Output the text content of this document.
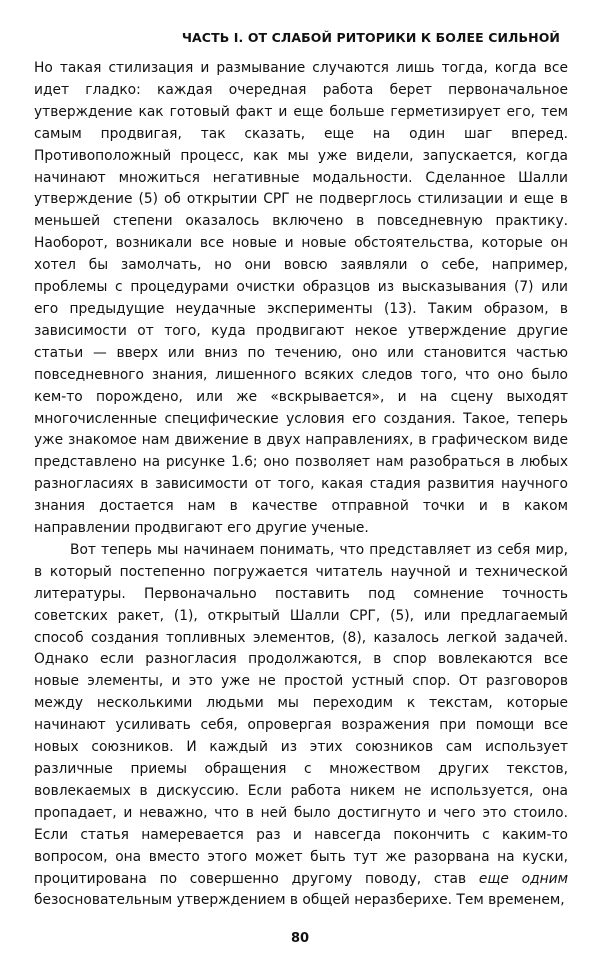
ЧАСТЬ I. ОТ СЛАБОЙ РИТОРИКИ К БОЛЕЕ СИЛЬНОЙ

Но такая стилизация и размывание случаются лишь тогда, когда все идет гладко: каждая очередная работа берет первоначальное утверждение как готовый факт и еще больше герметизирует его, тем самым продвигая, так сказать, еще на один шаг вперед. Противоположный процесс, как мы уже видели, запускается, когда начинают множиться негативные модальности. Сделанное Шалли утверждение (5) об открытии СРГ не подверглось стилизации и еще в меньшей степени оказалось включено в повседневную практику. Наоборот, возникали все новые и новые обстоятельства, которые он хотел бы замолчать, но они вовсю заявляли о себе, например, проблемы с процедурами очистки образцов из высказывания (7) или его предыдущие неудачные эксперименты (13). Таким образом, в зависимости от того, куда продвигают некое утверждение другие статьи — вверх или вниз по течению, оно или становится частью повседневного знания, лишенного всяких следов того, что оно было кем-то порождено, или же «вскрывается», и на сцену выходят многочисленные специфические условия его создания. Такое, теперь уже знакомое нам движение в двух направлениях, в графическом виде представлено на рисунке 1.6; оно позволяет нам разобраться в любых разногласиях в зависимости от того, какая стадия развития научного знания достается нам в качестве отправной точки и в каком направлении продвигают его другие ученые.

Вот теперь мы начинаем понимать, что представляет из себя мир, в который постепенно погружается читатель научной и технической литературы. Первоначально поставить под сомнение точность советских ракет, (1), открытый Шалли СРГ, (5), или предлагаемый способ создания топливных элементов, (8), казалось легкой задачей. Однако если разногласия продолжаются, в спор вовлекаются все новые элементы, и это уже не простой устный спор. От разговоров между несколькими людьми мы переходим к текстам, которые начинают усиливать себя, опровергая возражения при помощи все новых союзников. И каждый из этих союзников сам использует различные приемы обращения с множеством других текстов, вовлекаемых в дискуссию. Если работа никем не используется, она пропадает, и неважно, что в ней было достигнуто и чего это стоило. Если статья намеревается раз и навсегда покончить с каким-то вопросом, она вместо этого может быть тут же разорвана на куски, процитирована по совершенно другому поводу, став еще одним безосновательным утверждением в общей неразберихе. Тем временем,

80
